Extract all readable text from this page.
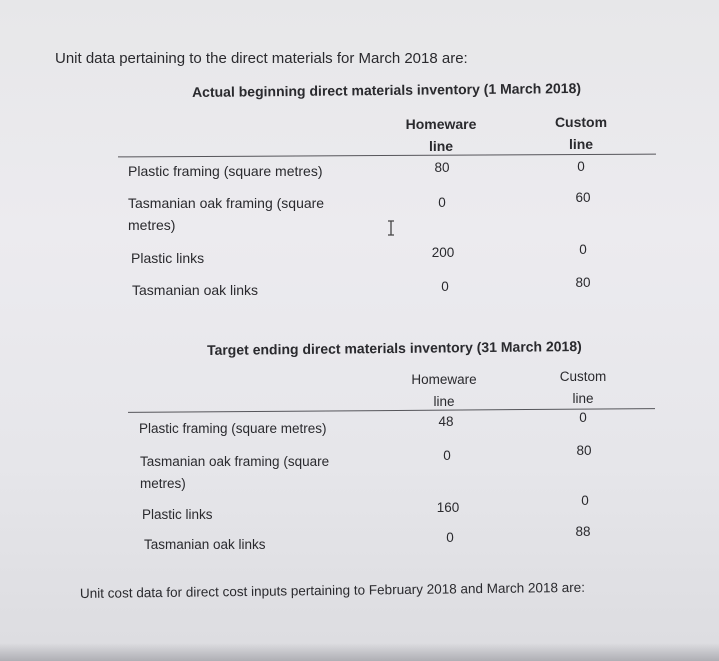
Unit data pertaining to the direct materials for March 2018 are:
Actual beginning direct materials inventory (1 March 2018)
Homeware
line
Custom
line
Plastic framing (square metres)	80	0
Tasmanian oak framing (square
metres)
0	60
Plastic links	200	0
Tasmanian oak links	0	80
Target ending direct materials inventory (31 March 2018)
Homeware
line
Custom
line
Plastic framing (square metres)	48	0
Tasmanian oak framing (square
metres)
0	80
Plastic links	160	0
Tasmanian oak links	0	88
Unit cost data for direct cost inputs pertaining to February 2018 and March 2018 are:
